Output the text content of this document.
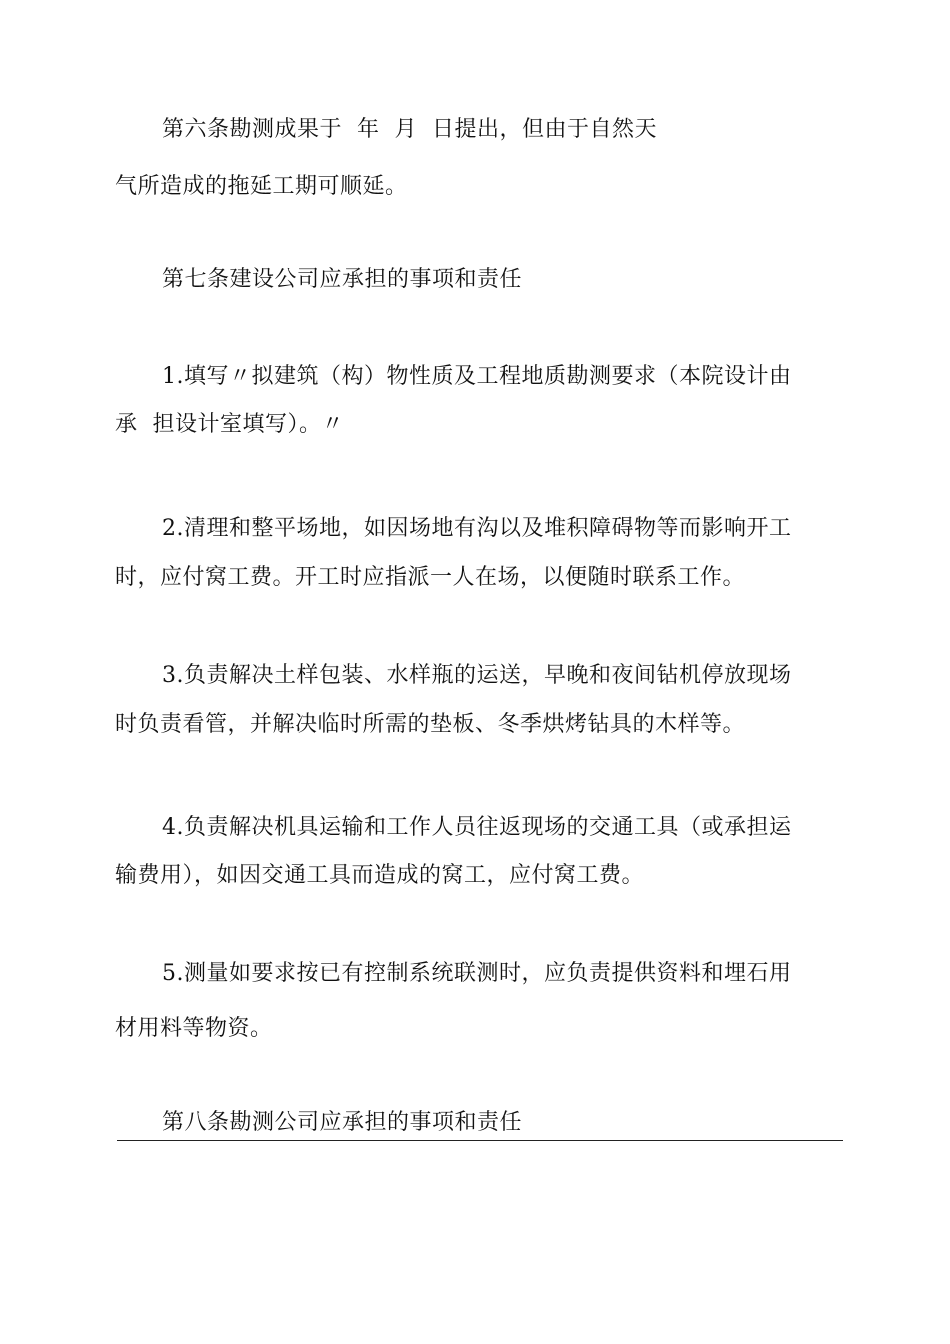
第六条勘测成果于  年  月  日提出，但由于自然天
气所造成的拖延工期可顺延。
第七条建设公司应承担的事项和责任
1.填写〃拟建筑（构）物性质及工程地质勘测要求（本院设计由
承  担设计室填写）。〃
2.清理和整平场地，如因场地有沟以及堆积障碍物等而影响开工
时，应付窝工费。开工时应指派一人在场，以便随时联系工作。
3.负责解决土样包装、水样瓶的运送，早晚和夜间钻机停放现场
时负责看管，并解决临时所需的垫板、冬季烘烤钻具的木样等。
4.负责解决机具运输和工作人员往返现场的交通工具（或承担运
输费用），如因交通工具而造成的窝工，应付窝工费。
5.测量如要求按已有控制系统联测时，应负责提供资料和埋石用
材用料等物资。
第八条勘测公司应承担的事项和责任
